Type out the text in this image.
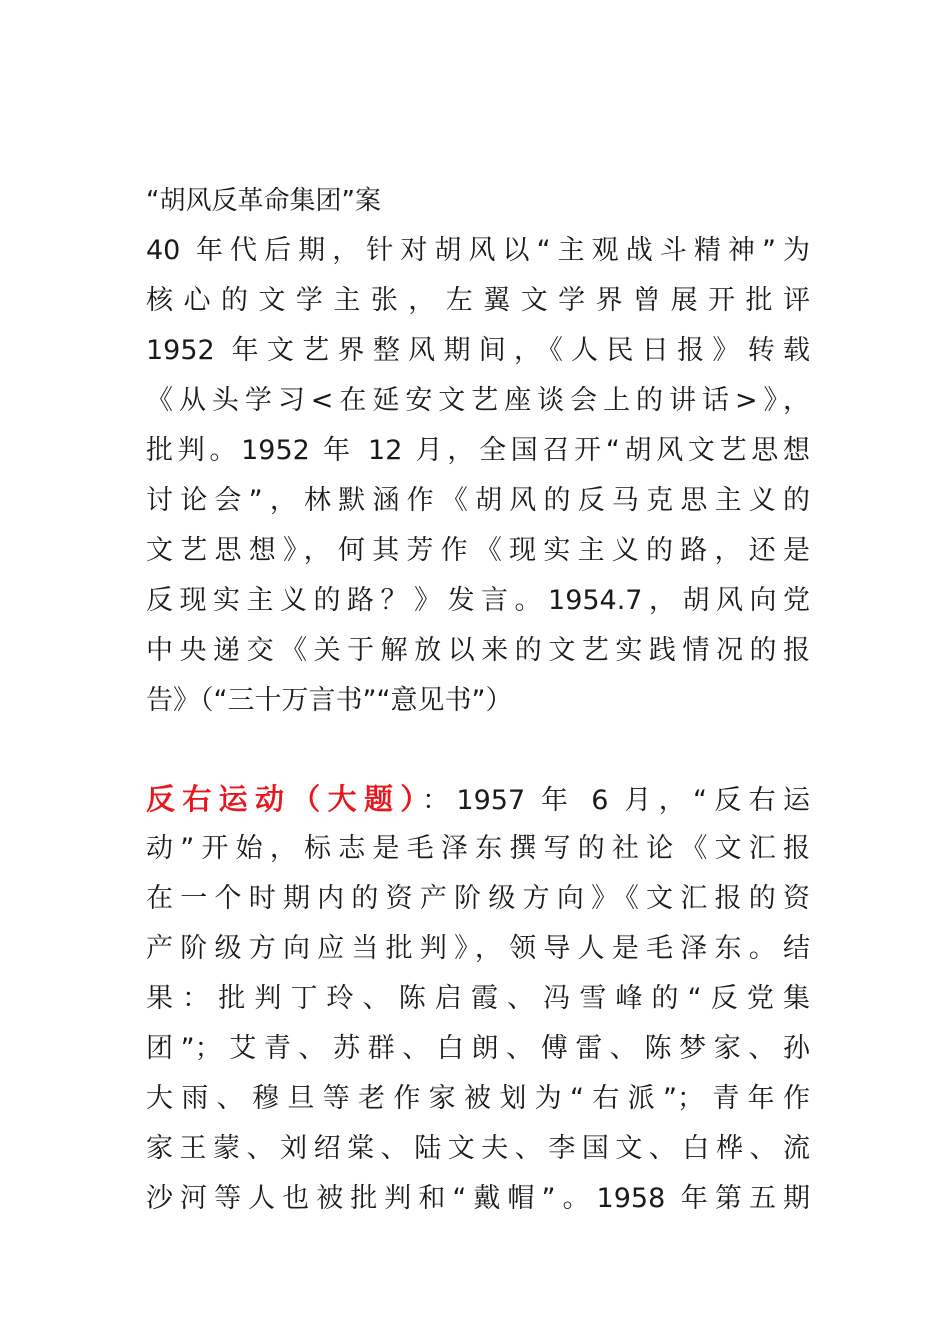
“胡风反革命集团”案
40 年代后期，针对胡风以“主观战斗精神”为
核心的文学主张，左翼文学界曾展开批评
1952 年文艺界整风期间，《人民日报》转载
《从头学习<在延安文艺座谈会上的讲话>》，
批判。1952 年 12 月，全国召开“胡风文艺思想
讨论会”，林默涵作《胡风的反马克思主义的
文艺思想》，何其芳作《现实主义的路，还是
反现实主义的路？》发言。1954.7，胡风向党
中央递交《关于解放以来的文艺实践情况的报
告》（“三十万言书”“意见书”）
反右运动（大题）：1957 年 6 月，“反右运
动”开始，标志是毛泽东撰写的社论《文汇报
在一个时期内的资产阶级方向》《文汇报的资
产阶级方向应当批判》，领导人是毛泽东。结
果：批判丁玲、陈启霞、冯雪峰的“反党集
团”；艾青、苏群、白朗、傅雷、陈梦家、孙
大雨、穆旦等老作家被划为“右派”；青年作
家王蒙、刘绍棠、陆文夫、李国文、白桦、流
沙河等人也被批判和“戴帽”。1958 年第五期
